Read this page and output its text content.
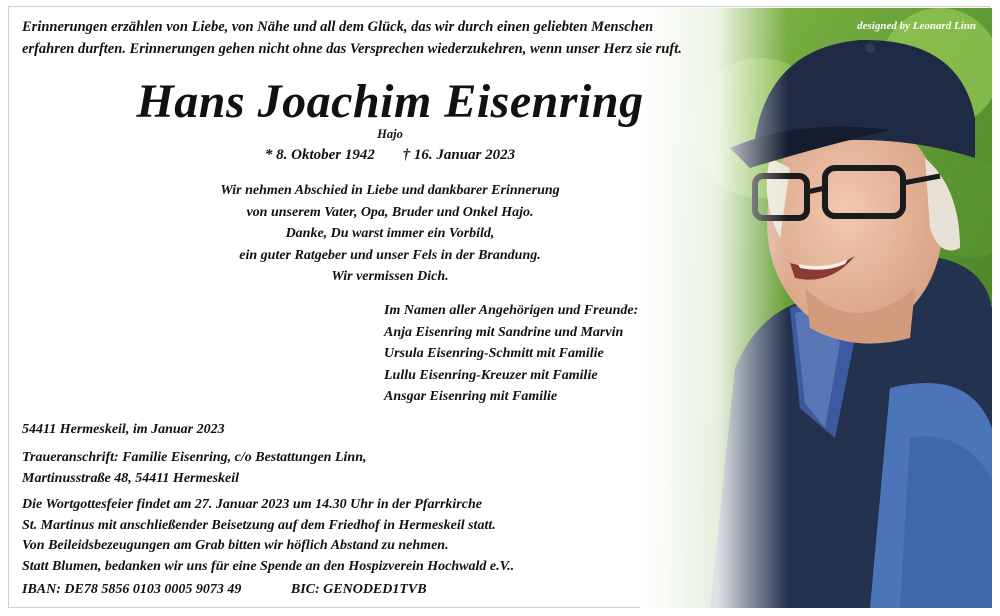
designed by Leonard Linn
Erinnerungen erzählen von Liebe, von Nähe und all dem Glück, das wir durch einen geliebten Menschen
erfahren durften. Erinnerungen gehen nicht ohne das Versprechen wiederzukehren, wenn unser Herz sie ruft.
Hans Joachim Eisenring
Hajo
* 8. Oktober 1942 † 16. Januar 2023
Wir nehmen Abschied in Liebe und dankbarer Erinnerung
von unserem Vater, Opa, Bruder und Onkel Hajo.
Danke, Du warst immer ein Vorbild,
ein guter Ratgeber und unser Fels in der Brandung.
Wir vermissen Dich.
Im Namen aller Angehörigen und Freunde:
Anja Eisenring mit Sandrine und Marvin
Ursula Eisenring-Schmitt mit Familie
Lullu Eisenring-Kreuzer mit Familie
Ansgar Eisenring mit Familie
54411 Hermeskeil, im Januar 2023
Traueranschrift: Familie Eisenring, c/o Bestattungen Linn,
Martinusstraße 48, 54411 Hermeskeil
Die Wortgottesfeier findet am 27. Januar 2023 um 14.30 Uhr in der Pfarrkirche
St. Martinus mit anschließender Beisetzung auf dem Friedhof in Hermeskeil statt.
Von Beileidsbezeugungen am Grab bitten wir höflich Abstand zu nehmen.
Statt Blumen, bedanken wir uns für eine Spende an den Hospizverein Hochwald e.V..
IBAN: DE78 5856 0103 0005 9073 49	BIC: GENODED1TVB
